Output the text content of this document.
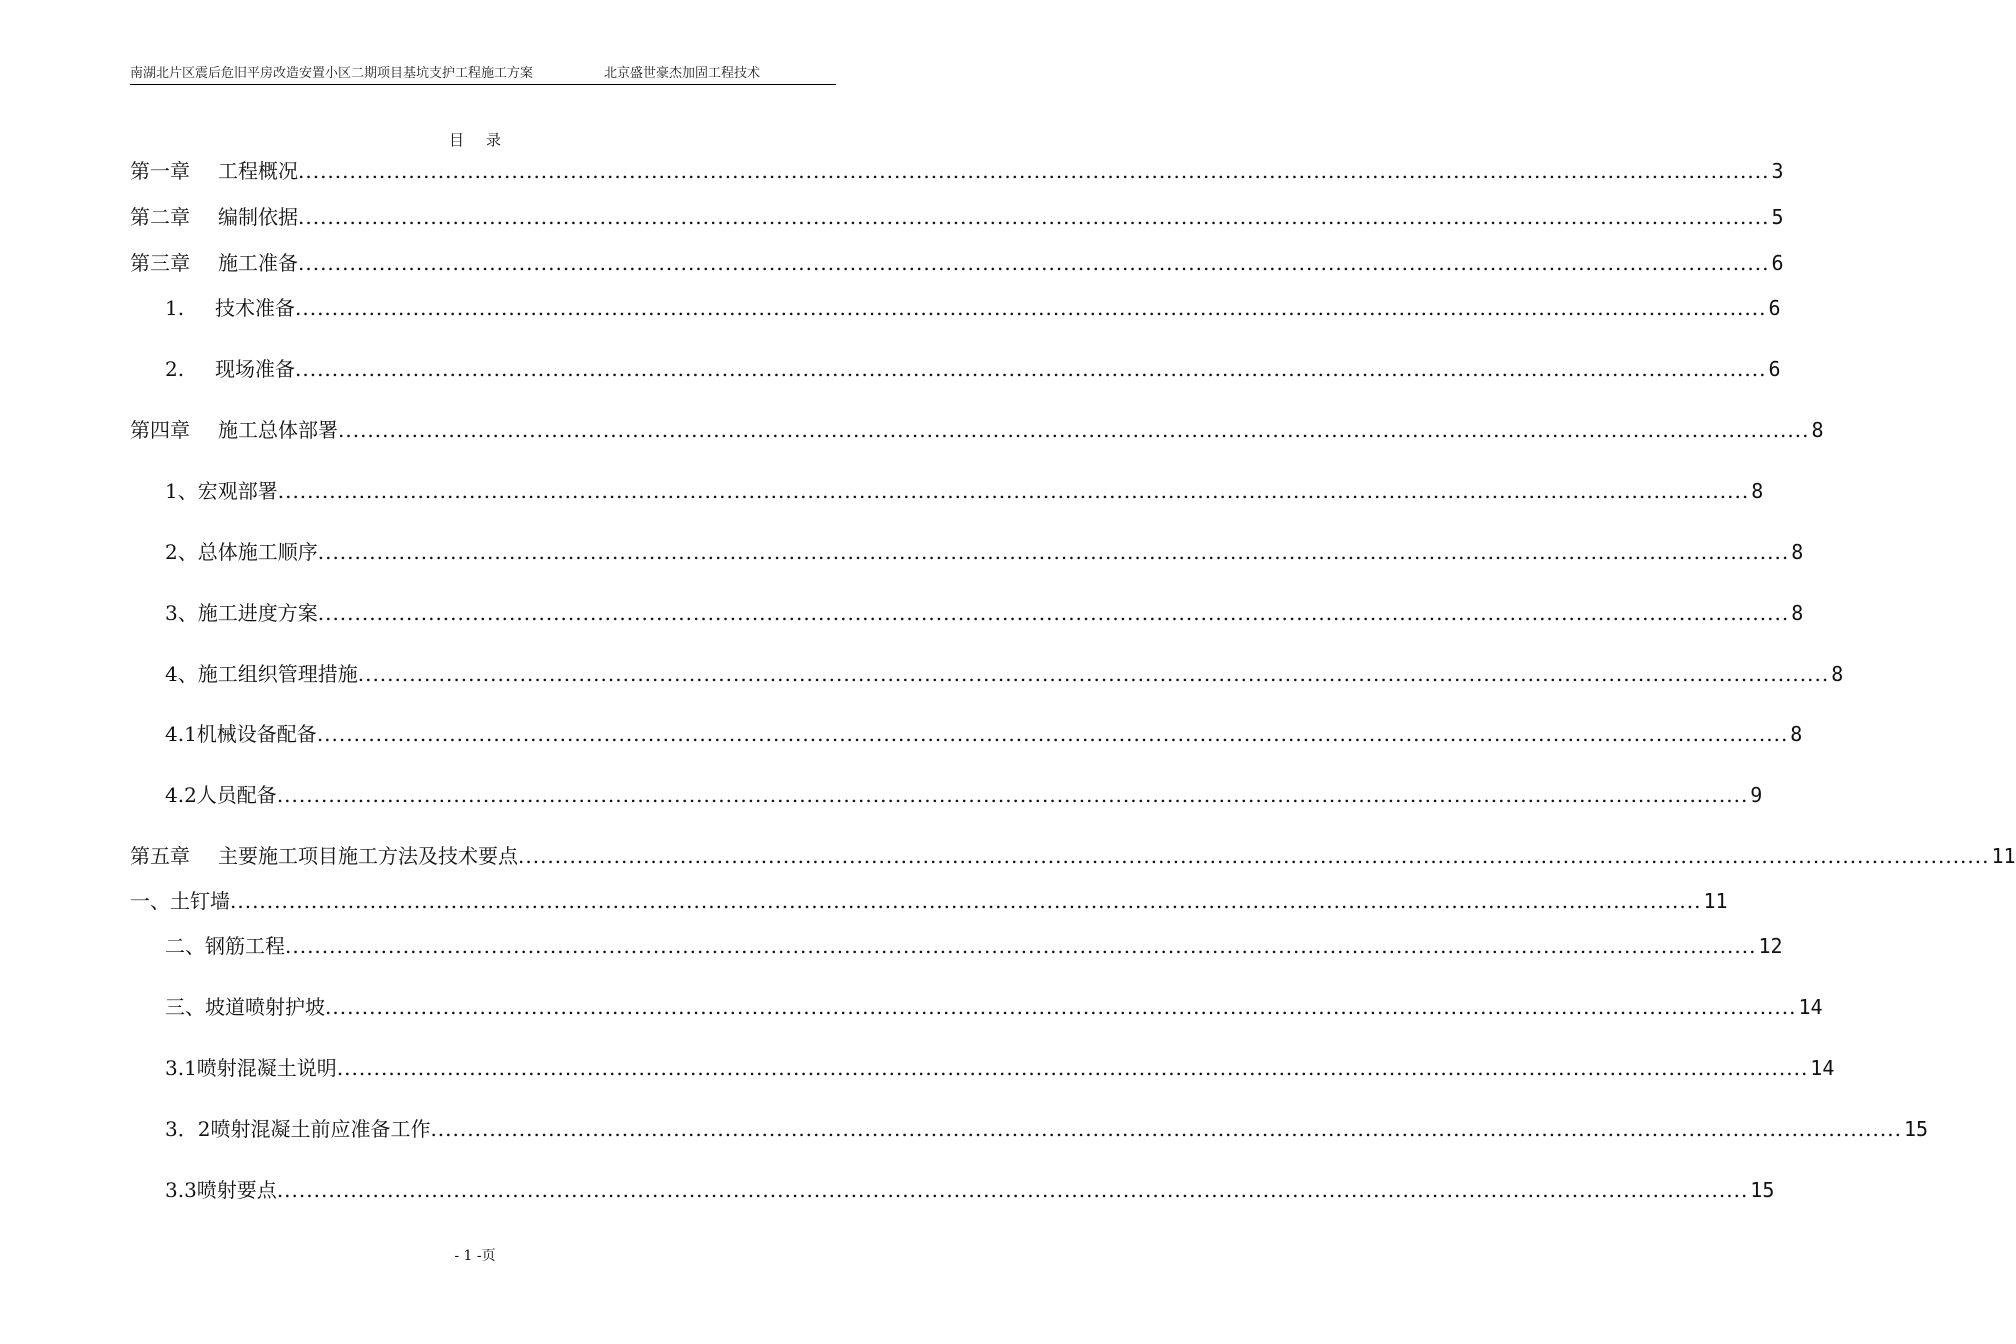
南湖北片区震后危旧平房改造安置小区二期项目基坑支护工程施工方案	北京盛世豪杰加固工程技术
目录
第一章	工程概况 ........................................................................................................................................................................................................ 3
第二章	编制依据 ........................................................................................................................................................................................................ 5
第三章	施工准备 ........................................................................................................................................................................................................ 6
1.	技术准备 ........................................................................................................................................................................................................ 6
2.	现场准备 ........................................................................................................................................................................................................ 6
第四章	施工总体部署 ........................................................................................................................................................................................................ 8
1、宏观部署 ........................................................................................................................................................................................................ 8
2、总体施工顺序 ........................................................................................................................................................................................................ 8
3、施工进度方案 ........................................................................................................................................................................................................ 8
4、施工组织管理措施 ........................................................................................................................................................................................................ 8
4.1机械设备配备 ........................................................................................................................................................................................................ 8
4.2人员配备 ........................................................................................................................................................................................................ 9
第五章	主要施工项目施工方法及技术要点 ........................................................................................................................................................................................................ 11
一、土钉墙 ........................................................................................................................................................................................................ 11
二、钢筋工程 ........................................................................................................................................................................................................ 12
三、坡道喷射护坡 ........................................................................................................................................................................................................ 14
3.1喷射混凝土说明 ........................................................................................................................................................................................................ 14
3．2喷射混凝土前应准备工作 ........................................................................................................................................................................................................ 15
3.3喷射要点 ........................................................................................................................................................................................................ 15
- 1 -页
